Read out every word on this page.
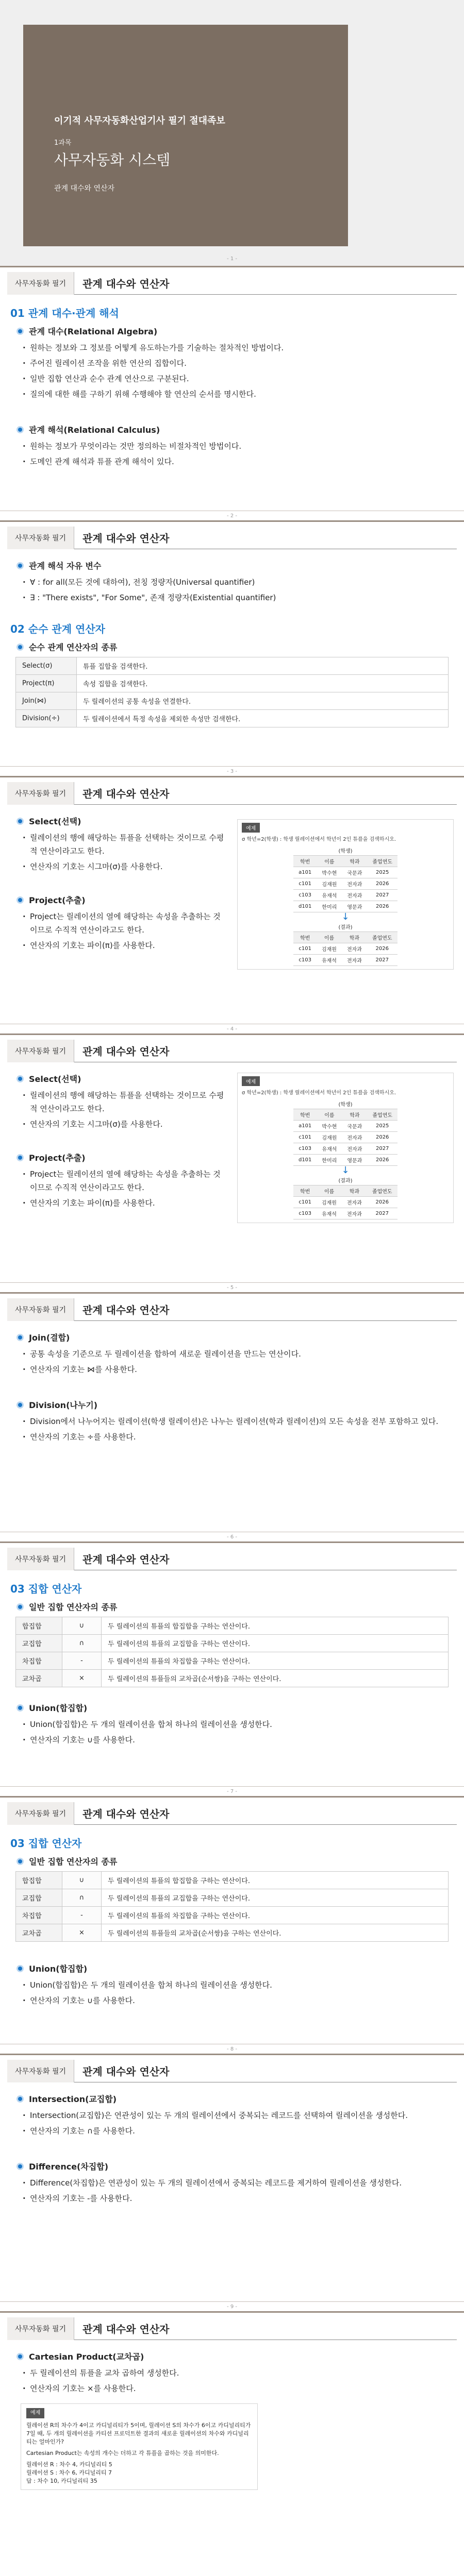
이기적 사무자동화산업기사 필기 절대족보
1과목
사무자동화 시스템
관계 대수와 연산자
- 1 -
사무자동화 필기	관계 대수와 연산자
01 관계 대수·관계 해석
관계 대수(Relational Algebra)
· 원하는 정보와 그 정보를 어떻게 유도하는가를 기술하는 절차적인 방법이다.
· 주어진 릴레이션 조작을 위한 연산의 집합이다.
· 일반 집합 연산과 순수 관계 연산으로 구분된다.
· 질의에 대한 해를 구하기 위해 수행해야 할 연산의 순서를 명시한다.
관계 해석(Relational Calculus)
· 원하는 정보가 무엇이라는 것만 정의하는 비절차적인 방법이다.
· 도메인 관계 해석과 튜플 관계 해석이 있다.
- 2 -
사무자동화 필기	관계 대수와 연산자
관계 해석 자유 변수
· ∀ : for all(모든 것에 대하여), 전칭 정량자(Universal quantifier)
· ∃ : "There exists", "For Some", 존재 정량자(Existential quantifier)
02 순수 관계 연산자
순수 관계 연산자의 종류
Select(σ)	튜플 집합을 검색한다.
Project(π)	속성 집합을 검색한다.
Join(⋈)	두 릴레이션의 공통 속성을 연결한다.
Division(÷)	두 릴레이션에서 특정 속성을 제외한 속성만 검색한다.
- 3 -
사무자동화 필기	관계 대수와 연산자
Select(선택)
· 릴레이션의 행에 해당하는 튜플을 선택하는 것이므로 수평적 연산이라고도 한다.
· 연산자의 기호는 시그마(σ)를 사용한다.
Project(추출)
· Project는 릴레이션의 열에 해당하는 속성을 추출하는 것이므로 수직적 연산이라고도 한다.
· 연산자의 기호는 파이(π)를 사용한다.
예제
σ 학년=2(학생) : 학생 릴레이션에서 학년이 2인 튜플을 검색하시오.
(학생)
학번	이름	학과	졸업연도
a101	박수현	국문과	2025
c101	김재원	전자과	2026
c103	유재석	전자과	2027
d101	한미리	영문과	2026
↓
(결과)
학번	이름	학과	졸업연도
c101	김재원	전자과	2026
c103	유재석	전자과	2027
- 4 -
사무자동화 필기	관계 대수와 연산자
Select(선택)
· 릴레이션의 행에 해당하는 튜플을 선택하는 것이므로 수평적 연산이라고도 한다.
· 연산자의 기호는 시그마(σ)를 사용한다.
Project(추출)
· Project는 릴레이션의 열에 해당하는 속성을 추출하는 것이므로 수직적 연산이라고도 한다.
· 연산자의 기호는 파이(π)를 사용한다.
예제
σ 학년=2(학생) : 학생 릴레이션에서 학년이 2인 튜플을 검색하시오.
(학생)
학번	이름	학과	졸업연도
a101	박수현	국문과	2025
c101	김재원	전자과	2026
c103	유재석	전자과	2027
d101	한미리	영문과	2026
↓
(결과)
학번	이름	학과	졸업연도
c101	김재원	전자과	2026
c103	유재석	전자과	2027
- 5 -
사무자동화 필기	관계 대수와 연산자
Join(결합)
· 공통 속성을 기준으로 두 릴레이션을 합하여 새로운 릴레이션을 만드는 연산이다.
· 연산자의 기호는 ⋈를 사용한다.
Division(나누기)
· Division에서 나누어지는 릴레이션(학생 릴레이션)은 나누는 릴레이션(학과 릴레이션)의 모든 속성을 전부 포함하고 있다.
· 연산자의 기호는 ÷를 사용한다.
- 6 -
사무자동화 필기	관계 대수와 연산자
03 집합 연산자
일반 집합 연산자의 종류
합집합	∪	두 릴레이션의 튜플의 합집합을 구하는 연산이다.
교집합	∩	두 릴레이션의 튜플의 교집합을 구하는 연산이다.
차집합	-	두 릴레이션의 튜플의 차집합을 구하는 연산이다.
교차곱	×	두 릴레이션의 튜플들의 교차곱(순서쌍)을 구하는 연산이다.
Union(합집합)
· Union(합집합)은 두 개의 릴레이션을 합쳐 하나의 릴레이션을 생성한다.
· 연산자의 기호는 ∪를 사용한다.
- 7 -
사무자동화 필기	관계 대수와 연산자
03 집합 연산자
일반 집합 연산자의 종류
합집합	∪	두 릴레이션의 튜플의 합집합을 구하는 연산이다.
교집합	∩	두 릴레이션의 튜플의 교집합을 구하는 연산이다.
차집합	-	두 릴레이션의 튜플의 차집합을 구하는 연산이다.
교차곱	×	두 릴레이션의 튜플들의 교차곱(순서쌍)을 구하는 연산이다.
Union(합집합)
· Union(합집합)은 두 개의 릴레이션을 합쳐 하나의 릴레이션을 생성한다.
· 연산자의 기호는 ∪를 사용한다.
- 8 -
사무자동화 필기	관계 대수와 연산자
Intersection(교집합)
· Intersection(교집합)은 연관성이 있는 두 개의 릴레이션에서 중복되는 레코드를 선택하여 릴레이션을 생성한다.
· 연산자의 기호는 ∩를 사용한다.
Difference(차집합)
· Difference(차집합)은 연관성이 있는 두 개의 릴레이션에서 중복되는 레코드를 제거하여 릴레이션을 생성한다.
· 연산자의 기호는 -를 사용한다.
- 9 -
사무자동화 필기	관계 대수와 연산자
Cartesian Product(교차곱)
· 두 릴레이션의 튜플을 교차 곱하여 생성한다.
· 연산자의 기호는 ×를 사용한다.
예제
릴레이션 R의 차수가 4이고 카디널리티가 5이며, 릴레이션 S의 차수가 6이고 카디널리티가 7일 때, 두 개의 릴레이션을 카티션 프로덕트한 결과의 새로운 릴레이션의 차수와 카디널리티는 얼마인가?
Cartesian Product는 속성의 개수는 더하고 각 튜플을 곱하는 것을 의미한다.
릴레이션 R : 차수 4, 카디널리티 5
릴레이션 S : 차수 6, 카디널리티 7
답 : 차수 10, 카디널리티 35
